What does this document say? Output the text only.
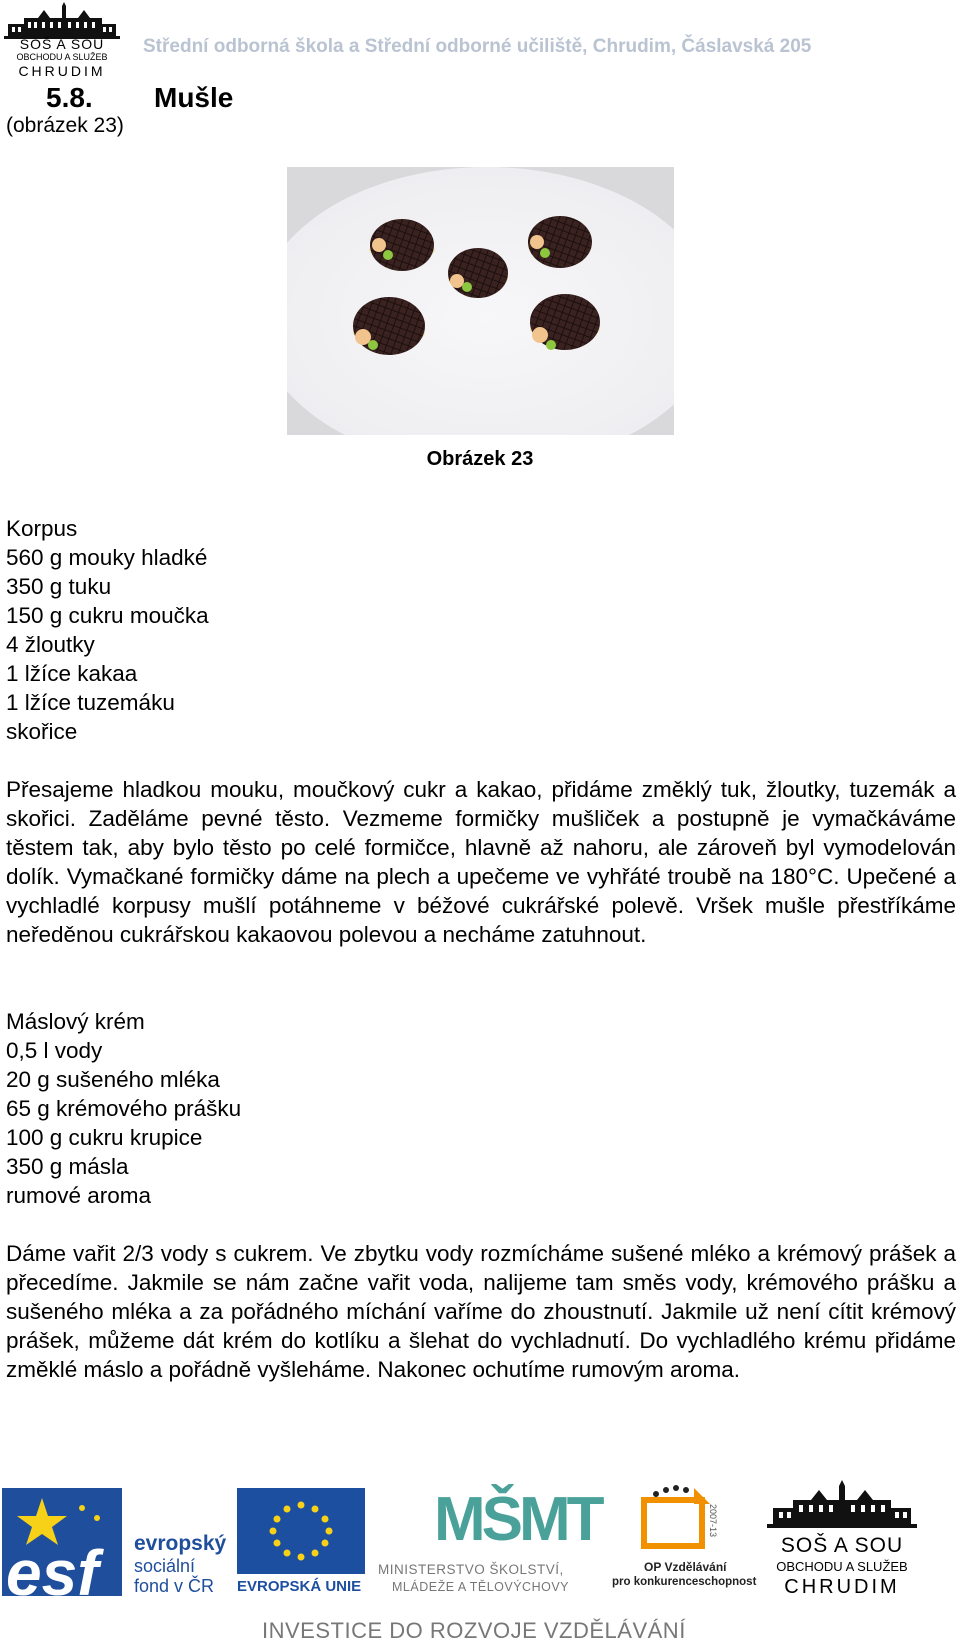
SOŠ A SOU
OBCHODU A SLUŽEB
CHRUDIM
Střední odborná škola a Střední odborné učiliště, Chrudim, Čáslavská 205
5.8. Mušle
(obrázek 23)
Obrázek 23
Korpus
560 g mouky hladké
350 g tuku
150 g cukru moučka
4 žloutky
1 lžíce kakaa
1 lžíce tuzemáku
skořice
Přesajeme hladkou mouku, moučkový cukr a kakao, přidáme změklý tuk, žloutky, tuzemák a skořici. Zaděláme pevné těsto. Vezmeme formičky mušliček a postupně je vymačkáváme těstem tak, aby bylo těsto po celé formičce, hlavně až nahoru, ale zároveň byl vymodelován dolík. Vymačkané formičky dáme na plech a upečeme ve vyhřáté troubě na 180°C. Upečené a vychladlé korpusy mušlí potáhneme v béžové cukrářské polevě. Vršek mušle přestříkáme neředěnou cukrářskou kakaovou polevou a necháme zatuhnout.
Máslový krém
0,5 l vody
20 g sušeného mléka
65 g krémového prášku
100 g cukru krupice
350 g másla
rumové aroma
Dáme vařit 2/3 vody s cukrem. Ve zbytku vody rozmícháme sušené mléko a krémový prášek a přecedíme. Jakmile se nám začne vařit voda, nalijeme tam směs vody, krémového prášku a sušeného mléka a za pořádného míchání vaříme do zhoustnutí. Jakmile už není cítit krémový prášek, můžeme dát krém do kotlíku a šlehat do vychladnutí. Do vychladlého krému přidáme změklé máslo a pořádně vyšleháme. Nakonec ochutíme rumovým aroma.
esf evropský
sociální
fond v ČR EVROPSKÁ UNIE
MŠMT
MINISTERSTVO ŠKOLSTVÍ,
MLÁDEŽE A TĚLOVÝCHOVY
2007-13
OP Vzdělávání
pro konkurenceschopnost
SOŠ A SOU
OBCHODU A SLUŽEB
CHRUDIM
INVESTICE DO ROZVOJE VZDĚLÁVÁNÍ
